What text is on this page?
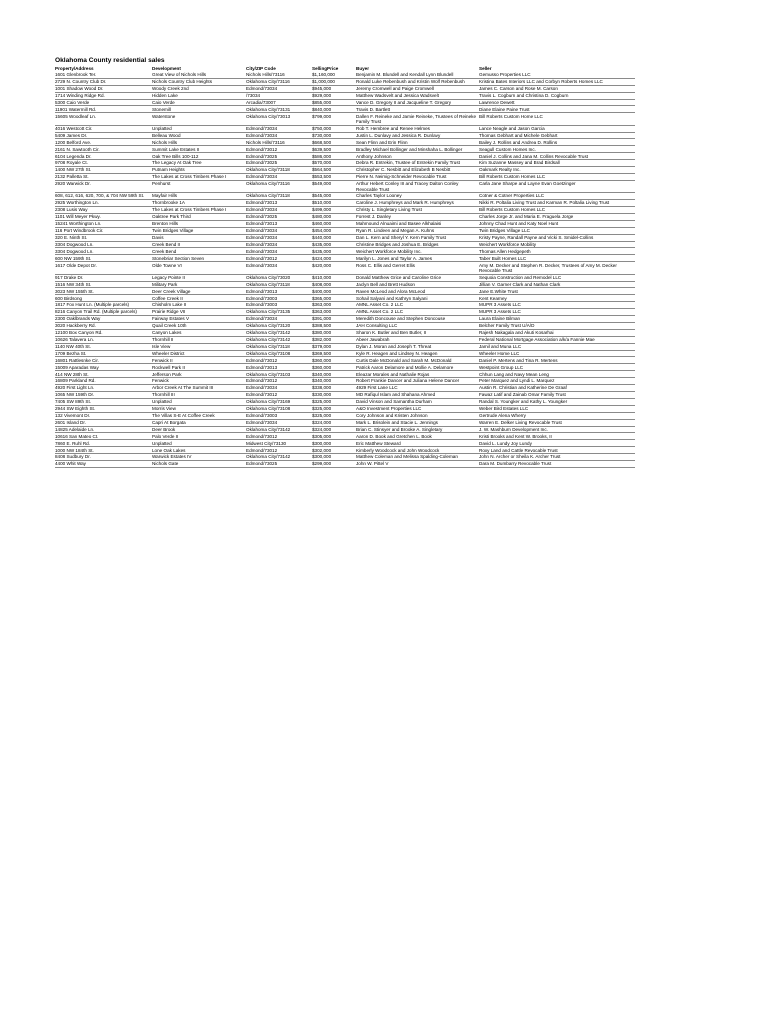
Oklahoma County residential sales
Property/Address	Development	City/ZIP Code	SellingPrice	Buyer	Seller
1601 Glenbrook Ter.	Great View of Nichols Hills	Nichols Hills/73116	$1,160,000	Benjamin M. Blundell and Kendall Lynn Blundell	Gemusso Properties LLC
2729 N. Country Club Dr.	Nichols Country Club Heights	Oklahoma City/73116	$1,000,000	Ronald Luke Rebenbush and Kristin Wolf Rebenbush	Kristina Bates Interiors LLC and Corbyn Roberts Homes LLC
1001 Shadow Wood Dr.	Woody Creek 2nd	Edmond/73034	$945,000	Jeremy Cromwell and Paige Cromwell	James C. Carson and Rose M. Carson
1714 Winding Ridge Rd.	Hidden Lake	/73034	$929,000	Matthew Wadsvelt and Jessica Wadsvelt	Travis L. Cogburn and Christina D. Cogburn
5300 Caio Verde	Caio Verde	Arcadia/73007	$855,000	Vance D. Gregory II and Jacqueline T. Gregory	Lawrence Dewett
11901 Watermill Rd.	Stonemill	Oklahoma City/73131	$840,000	Travis D. Bartlett	Diane Elaine Paine Trust
15605 Woodleaf Ln.	Waterstone	Oklahoma City/73013	$799,000	Dallen F. Reineke and Jamie Reineke, Trustees of Reineke Family Trust	Bill Roberts Custom Home LLC
4016 Westcott Cir.	Unplatted	Edmond/73034	$750,000	Rob T. Hembree and Renee Helmes	Lance Neagle and Jason Garcia
5409 James Dr.	Belleau Wood	Edmond/73034	$730,000	Justin L. Dunlavy and Jessica R. Dunlavy	Thomas Gebhart and Michele Gebhart
1200 Belford Ave.	Nichols Hills	Nichols Hills/73116	$668,500	Sean Flinn and Erin Flinn	Bailey J. Rollins and Andrea D. Rollins
2161 N. Sawtooth Cir.	Summit Lake Estates II	Edmond/73012	$639,500	Bradley Michael Bollinger and Minshaha L. Bollinger	Seagull Custom Homes Inc.
6104 Legenda Dr.	Oak Tree Bills 100-112	Edmond/73025	$586,000	Anthony Johnson	Daniel J. Collins and Jana M. Collins Revocable Trust
9708 Royale Ct.	The Legacy At Oak Tree	Edmond/73025	$570,000	Debra R. Entrekin, Trustee of Entrekin Family Trust	Kim Suzanne Massey and Brad Birdsall
1400 NW 27th St.	Putnam Heights	Oklahoma City/73118	$564,500	Christopher C. Nesbitt and Elizabeth B Nesbitt	Oakmark Realty Inc.
2132 Palletta St.	The Lakes at Cross Timbers Phase I	Edmond/73034	$553,500	Pierre N. Neimig-Schneider Revocable Trust	Bill Roberts Custom Homes LLC
2920 Warwick Dr.	Penhurst	Oklahoma City/73116	$549,000	Arthur Hebert Conley III and Tracey Dalton Conley Revocable Trust	Carla Jane Sharpe and Layne Evan Goetzinger
608, 612, 616, 620, 700, & 704 NW 59th St.	Mayfair Hills	Oklahoma City/73118	$545,000	Charles Taylor Looney	Cotner & Cotner Properties LLC
2925 Worthington Ln.	Thornbrooke 1A	Edmond/73013	$510,000	Caroline J. Humphreys and Mark R. Humphreys	Nikki R. Poltalia Living Trust and Karman R. Poltalia Living Trust
2308 Lusis Way	The Lakes at Cross Timbers Phase I	Edmond/73034	$499,000	Christy L. Singletary Living Trust	Bill Roberts Custom Homes LLC
1101 Will Meyer Pkwy.	Oaktree Park Third	Edmond/73025	$480,000	Forrest J. Danley	Charles Jorge Jr. and Maria E. Fraguela Jorge
15241 Worthington Ln.	Brenton Hills	Edmond/73013	$460,000	Mahmound Alnuaimi and Basee Alkhalaisi	Johnny Chad Hunt and Katy Noel Hunt
116 Port Windbrook Cir.	Twin Bridges Village	Edmond/73034	$454,000	Ryan R. Lindeen and Megan A. Kuhns	Twin Bridges Village LLC
320 E. Ninth St.	Davis	Edmond/73034	$440,000	Dan L. Kern and Sheryl Y. Kern Family Trust	Kristy Payne, Randall Payne and Vicki S. Smidel-Collins
3304 Dogwood Ln.	Creek Bend II	Edmond/73034	$435,000	Christine Bridges and Joshua E. Bridges	Weichert Workforce Mobility
3304 Dogwood Ln.	Creek Bend	Edmond/73034	$435,000	Weichert Workforce Mobility Inc.	Thomas Allen Hedgepeth
600 NW 159th St.	Stonebriar Section Seven	Edmond/73012	$424,000	Marilyn L. Jones and Taylor A. James	Taber Built Homes LLC
1617 Olde Depot Dr.	Olde Towne VI	Edmond/73034	$420,000	Ross C. Ellis and Gerret Ellis	Amy M. Decker and Stephen R. Decker, Trustees of Amy M. Decker Revocable Trust
917 Drake Dr.	Legacy Pointe II	Oklahoma City/73020	$410,000	Donald Matthew Grice and Caroline Grice	Sequoia Construction and Remodel LLC
1516 NW 34th St.	Military Park	Oklahoma City/73118	$408,000	Jaclyn Bell and Brett Hudson	Jillian V. Garner Clark and Nathan Clark
3023 NW 155th St.	Deer Creek Village	Edmond/73013	$400,000	Raven McLeod and Alora McLeod	Jane E.White Trust
600 Birdsong	Coffee Creek II	Edmond/73003	$365,000	Sohail Salyani and Kathryn Salyani	Kent Kearney
1817 Fox Hunt Ln. (Multiple parcels)	Chisholm Lake II	Edmond/73003	$363,000	AMNL Asset Co. 2 LLC	MUPR 3 Assets LLC
8216 Canyon Trail Rd. (Multiple parcels)	Prairie Ridge VII	Oklahoma City/73135	$363,000	AMNL Asset Co. 2 LLC	MUPR 3 Assets LLC
2300 Oaklbrands Way	Fairway Estates V	Edmond/73034	$391,000	Meredith Doncouse and Stephen Doncouse	Laura Elaine Bilman
3020 Hackberry Rd.	Quail Creek 10th	Oklahoma City/73120	$388,500	JAH Consulting LLC	Belcher Family Trust U/A/D
12100 Box Canyon Rd.	Canyon Lakes	Oklahoma City/73142	$380,000	Sharon K. Butler and Ben Butler, II	Rajesh Nakagala and Akuti Kosarhai
10626 Talavera Ln.	Thornhill II	Oklahoma City/73142	$382,000	Abeer Jawabrah	Federal National Mortgage Association a/k/a Fannie Mae
1140 NW 40th St.	Isle View	Oklahoma City/73118	$379,000	Dylan J. Moran and Joseph T. Threat	Jamil and Muna LLC
1709 Bezha St.	Wheeler District	Oklahoma City/73108	$369,500	Kyle R. Heagen and Lindsey N. Heagen	Wheeler Home LLC
16801 Rattlesnke Cir.	Fenwick II	Edmond/73012	$360,000	Curtis Dale McDonald and Sarah M. McDonald	Daniel P. Mertens and Tina R. Mertens
15009 Aparadas Way	Rockwell Park II	Edmond/73013	$360,000	Patrick Aaron Delamore and Mollie A. Delamore	Westpoint Group LLC
414 NW 28th St.	Jefferson Park	Oklahoma City/73103	$340,000	Eleazar Morales and Nathalie Rojas	Chhun Lang and Navy Mean Leng
16809 Parkland Rd.	Fenwick	Edmond/73012	$340,000	Robert Frankie Dancer and Juliana Helene Dancer	Peter Marquez and Lyndi L. Marquez
4920 First Light Ln.	Arbor Creek At The Summit III	Edmond/73034	$338,000	4929 First Lane LLC	Austin R. Christian and Katherine De Graaf
1065 NW 159th Dr.	Thornhill III	Edmond/73012	$330,000	MD Rafiqul Islam and Shahana Ahmed	Fawaz Latif and Zainab Omar Family Trust
7405 SW 89th St.	Unplatted	Oklahoma City/73169	$325,000	David Vinson and Samantha Durham	Randal S. Youngker and Kathy L. Youngker
2944 SW Eighth St.	Morris View	Oklahoma City/73108	$325,000	A&O Investment Properties LLC	Weber Bird Estates LLC
132 Vivemont Dr.	The Villas S-E At Coffee Creek	Edmond/73003	$325,000	Cory Johnson and Kristen Johnson	Gertrude Alena Wherry
2601 Island Dr.	Capri At Borgata	Edmond/73034	$324,000	Mark L. Brisolein and Stacie L. Jennings	Warren E. Delker Living Revocable Trust
14825 Adelaide Ln.	Deer Brook	Oklahoma City/73142	$324,000	Brian C. Stinsyer and Brooke A. Singletary	J. W. Mashburn Development Inc.
10616 San Mateo Ct.	Palo Verde II	Edmond/73012	$305,000	Aaron D. Book and Gretchen L. Book	Kristi Brooks and Kent W. Brooks, II
7860 E. Ruhl Rd.	Unplatted	Midwest City/73130	$300,000	Eric Matthew Steward	David L. Lundy Joy Lundy
1000 NW 184th St.	Lone Oak Lakes	Edmond/73012	$302,000	Kimberly Woodcock and John Woodcock	Roxy Land and Cattle Revocable Trust
8408 Sudbury Dr.	Warwick Estates IV	Oklahoma City/73142	$300,000	Matthew Coleman and Melissa Spalding-Coleman	John N. Archer or Sheila K. Archer Trust
4400 Whit Way	Nichols Gate	Edmond/73025	$299,000	John W. Pittel V	Dara M. Dumbarry Revocable Trust
